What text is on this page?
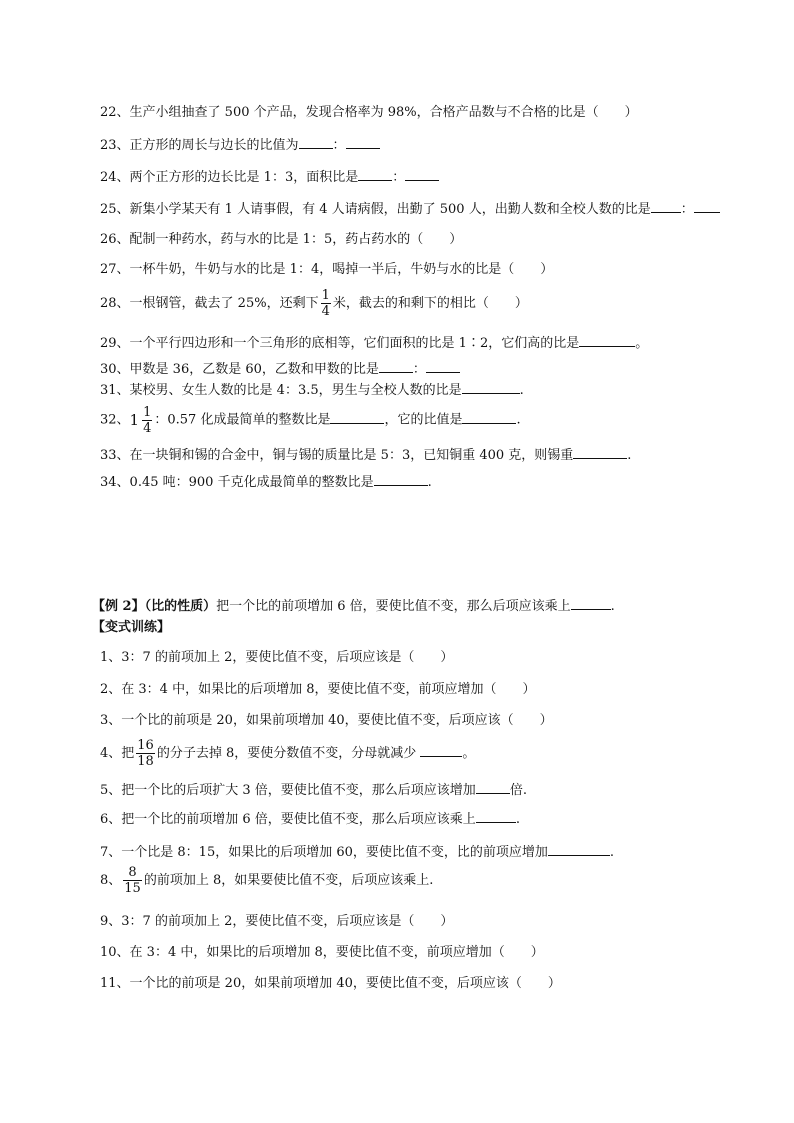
22、生产小组抽查了 500 个产品，发现合格率为 98%，合格产品数与不合格的比是（　　）
23、正方形的周长与边长的比值为	：
24、两个正方形的边长比是 1：3，面积比是	：
25、新集小学某天有 1 人请事假，有 4 人请病假，出勤了 500 人，出勤人数和全校人数的比是 ：
26、配制一种药水，药与水的比是 1：5，药占药水的（　　）
27、一杯牛奶，牛奶与水的比是 1：4，喝掉一半后，牛奶与水的比是（　　）
28、一根钢管，截去了 25%，还剩下 $\frac{1}{4}$ 米，截去的和剩下的相比（　　）
29、一个平行四边形和一个三角形的底相等，它们面积的比是 1∶2，它们高的比是	。
30、甲数是 36，乙数是 60，乙数和甲数的比是	：
31、某校男、女生人数的比是 4：3.5，男生与全校人数的比是	.
32、 $1 \frac{1}{4}$ ：0.57 化成最简单的整数比是	，它的比值是	.
33、在一块铜和锡的合金中，铜与锡的质量比是 5：3，已知铜重 400 克，则锡重	.
34、0.45 吨：900 千克化成最简单的整数比是	.
【例 2】（比的性质）把一个比的前项增加 6 倍，要使比值不变，那么后项应该乘上	.
【变式训练】
1、3：7 的前项加上 2，要使比值不变，后项应该是（　　）
2、在 3：4 中，如果比的后项增加 8，要使比值不变，前项应增加（　　）
3、一个比的前项是 20，如果前项增加 40，要使比值不变，后项应该（　　）
4、把 $\frac{16}{18}$ 的分子去掉 8，要使分数值不变，分母就减少	。
5、把一个比的后项扩大 3 倍，要使比值不变，那么后项应该增加	倍.
6、把一个比的前项增加 6 倍，要使比值不变，那么后项应该乘上	.
7、一个比是 8：15，如果比的后项增加 60，要使比值不变，比的前项应增加	.
8、 $\frac{8}{15}$ 的前项加上 8，如果要使比值不变，后项应该乘上.
9、3：7 的前项加上 2，要使比值不变，后项应该是（　　）
10、在 3：4 中，如果比的后项增加 8，要使比值不变，前项应增加（　　）
11、一个比的前项是 20，如果前项增加 40，要使比值不变，后项应该（　　）
